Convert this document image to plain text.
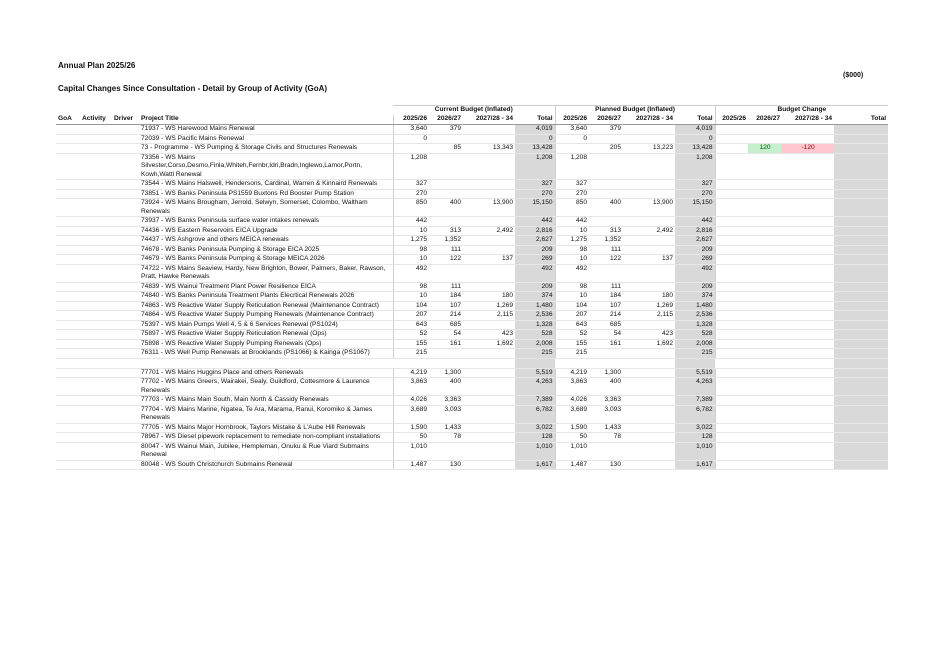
Annual Plan 2025/26
Capital Changes Since Consultation - Detail by Group of Activity (GoA)
($000)
				Current Budget (Inflated)				Planned Budget (Inflated)				Budget Change			
GoA	Activity	Driver	Project Title	2025/26	2026/27	2027/28 - 34	Total	2025/26	2026/27	2027/28 - 34	Total	2025/26	2026/27	2027/28 - 34	Total
			71937 - WS Harewood Mains Renewal	3,640	379		4,019	3,640	379		4,019				
			72039 - WS Pacific Mains Renewal	0			0	0			0				
			73 - Programme - WS Pumping & Storage Civils and Structures Renewals		85	13,343	13,428		205	13,223	13,428		120	-120	
			73356 - WS Mains Silvester,Corso,Desmo,Finla,Whiteh,Fernbr,Idri,Bradn,Inglewo,Lamor,Portn, Kowh,Wattl Renewal	1,208			1,208	1,208			1,208				
			73544 - WS Mains Halswell, Hendersons, Cardinal, Warren & Kinnaird Renewals	327			327	327			327				
			73851 - WS Banks Peninsula PS1559 Buxtons Rd Booster Pump Station	270			270	270			270				
			73924 - WS Mains Brougham, Jerrold, Selwyn, Somerset, Colombo, Waltham Renewals	850	400	13,900	15,150	850	400	13,900	15,150				
			73937 - WS Banks Peninsula surface water intakes renewals	442			442	442			442				
			74436 - WS Eastern Reservoirs EICA Upgrade	10	313	2,492	2,816	10	313	2,492	2,816				
			74437 - WS Ashgrove and others MEICA renewals	1,275	1,352		2,627	1,275	1,352		2,627				
			74678 - WS Banks Peninsula Pumping & Storage EICA 2025	98	111		209	98	111		209				
			74679 - WS Banks Peninsula Pumping & Storage MEICA 2026	10	122	137	269	10	122	137	269				
			74722 - WS Mains Seaview, Hardy, New Brighton, Bower, Palmers, Baker, Rawson, Pratt, Hawke Renewals	492			492	492			492				
			74839 - WS Wainui Treatment Plant Power Resilience EICA	98	111		209	98	111		209				
			74840 - WS Banks Peninsula Treatment Plants Elecrtical Renewals 2026	10	184	180	374	10	184	180	374				
			74863 - WS Reactive Water Supply Reticulation Renewal (Maintenance Contract)	104	107	1,269	1,480	104	107	1,269	1,480				
			74864 - WS Reactive Water Supply Pumping Renewals (Maintenance Contract)	207	214	2,115	2,536	207	214	2,115	2,536				
			75397 - WS Main Pumps Well 4, 5 & 6 Services Renewal (PS1024)	643	685		1,328	643	685		1,328				
			75897 - WS Reactive Water Supply Reticulation Renewal (Ops)	52	54	423	528	52	54	423	528				
			75898 - WS Reactive Water Supply Pumping Renewals (Ops)	155	161	1,692	2,008	155	161	1,692	2,008				
			76311 - WS Well Pump Renewals at Brooklands (PS1066) & Kainga (PS1067)	215			215	215			215				

			77701 - WS Mains Huggins Place and others Renewals	4,219	1,300		5,519	4,219	1,300		5,519				
			77702 - WS Mains Greers, Wairakei, Sealy, Guildford, Cottesmore & Laurence Renewals	3,863	400		4,263	3,863	400		4,263				
			77703 - WS Mains Main South, Main North & Cassidy Renewals	4,026	3,363		7,389	4,026	3,363		7,389				
			77704 - WS Mains Marine, Ngatea, Te Ara, Marama, Ranui, Koromiko & James Renewals	3,689	3,093		6,782	3,689	3,093		6,782				
			77705 - WS Mains Major Hornbrook, Taylors Mistake & L'Aube Hill Renewals	1,590	1,433		3,022	1,590	1,433		3,022				
			78967 - WS Diesel pipework replacement to remediate non-compliant installations	50	78		128	50	78		128				
			80047 - WS Wainui Main, Jubilee, Hempleman, Onuku & Rue Viard Submains Renewal	1,010			1,010	1,010			1,010				
			80048 - WS South Christchurch Submains Renewal	1,487	130		1,617	1,487	130		1,617				
